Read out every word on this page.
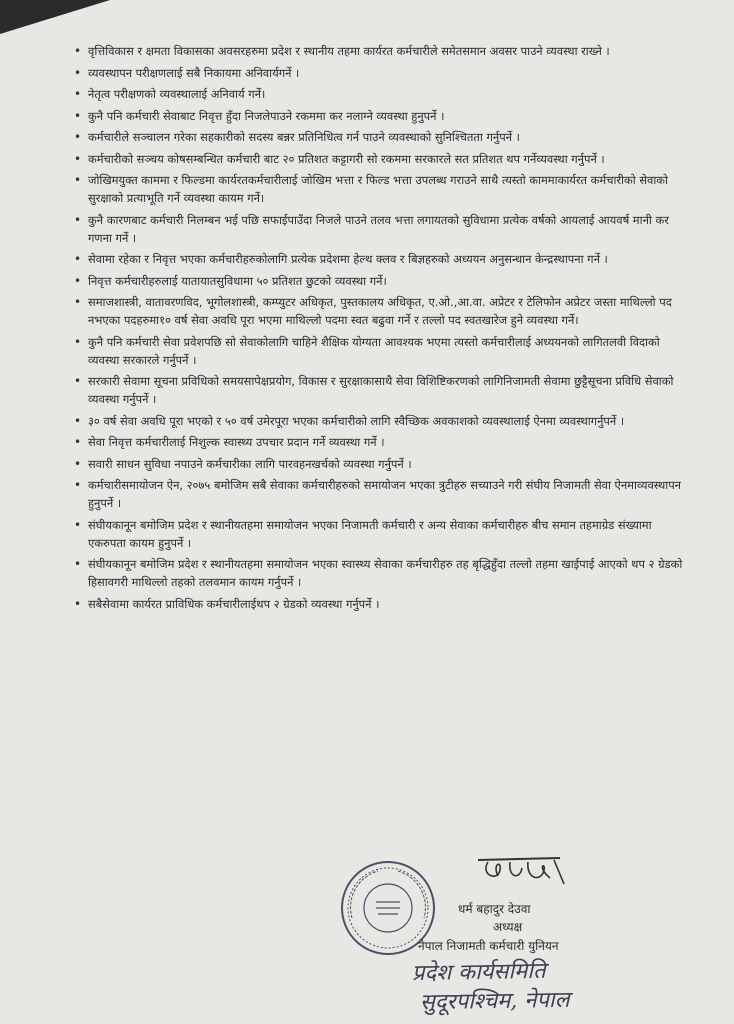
• वृत्तिविकास र क्षमता विकासका अवसरहरुमा प्रदेश र स्थानीय तहमा कार्यरत कर्मचारीले समेतसमान अवसर पाउने व्यवस्था राख्ने ।
• व्यवस्थापन परीक्षणलाई सबै निकायमा अनिवार्यगर्ने ।
• नेतृत्व परीक्षणको व्यवस्थालाई अनिवार्य गर्ने।
• कुनै पनि कर्मचारी सेवाबाट निवृत्त हुँदा निजलेपाउने रकममा कर नलाग्ने व्यवस्था हुनुपर्ने ।
• कर्मचारीले सञ्चालन गरेका सहकारीको सदस्य बन्नर प्रतिनिधित्व गर्न पाउने व्यवस्थाको सुनिश्चितता गर्नुपर्ने ।
• कर्मचारीको सञ्चय कोषसम्बन्धित कर्मचारी बाट २० प्रतिशत कट्टागरी सो रकममा सरकारले सत प्रतिशत थप गर्नेव्यवस्था गर्नुपर्ने ।
• जोखिमयुक्त काममा र फिल्डमा कार्यरतकर्मचारीलाई जोखिम भत्ता र फिल्ड भत्ता उपलब्ध गराउने साथै त्यस्तो काममाकार्यरत कर्मचारीको सेवाको सुरक्षाको प्रत्याभूति गर्ने व्यवस्था कायम गर्ने।
• कुनै कारणबाट कर्मचारी निलम्बन भई पछि सफाईपाउँदा निजले पाउने तलव भत्ता लगायतको सुविधामा प्रत्येक वर्षको आयलाई आयवर्ष मानी कर गणना गर्ने ।
• सेवामा रहेका र निवृत्त भएका कर्मचारीहरुकोलागि प्रत्येक प्रदेशमा हेल्थ क्लव र बिज्ञहरुको अध्ययन अनुसन्धान केन्द्रस्थापना गर्ने ।
• निवृत्त कर्मचारीहरुलाई यातायातसुविधामा ५० प्रतिशत छुटको व्यवस्था गर्ने।
• समाजशास्त्री, वातावरणविद, भूगोलशास्त्री, कम्प्युटर अधिकृत, पुस्तकालय अधिकृत, ए.ओ.,आ.वा. अप्रेटर र टेलिफोन अप्रेटर जस्ता माथिल्लो पद नभएका पदहरुमा१० वर्ष सेवा अवधि पूरा भएमा माथिल्लो पदमा स्वत बढुवा गर्ने र तल्लो पद स्वतखारेज हुने व्यवस्था गर्ने।
• कुनै पनि कर्मचारी सेवा प्रवेशपछि सो सेवाकोलागि चाहिने शैक्षिक योग्यता आवश्यक भएमा त्यस्तो कर्मचारीलाई अध्ययनको लागितलवी विदाको व्यवस्था सरकारले गर्नुपर्ने ।
• सरकारी सेवामा सूचना प्रविधिको समयसापेक्षप्रयोग, विकास र सुरक्षाकासाथै सेवा विशिष्टिकरणको लागिनिजामती सेवामा छुट्टैसूचना प्रविधि सेवाको व्यवस्था गर्नुपर्ने ।
• ३० वर्ष सेवा अवधि पूरा भएको र ५० वर्ष उमेरपूरा भएका कर्मचारीको लागि स्वैच्छिक अवकाशको व्यवस्थालाई ऐनमा व्यवस्थागर्नुपर्ने ।
• सेवा निवृत्त कर्मचारीलाई निशुल्क स्वास्थ्य उपचार प्रदान गर्ने व्यवस्था गर्ने ।
• सवारी साधन सुविधा नपाउने कर्मचारीका लागि पारवहनखर्चको व्यवस्था गर्नुपर्ने ।
• कर्मचारीसमायोजन ऐन, २०७५ बमोजिम सबै सेवाका कर्मचारीहरुको समायोजन भएका त्रुटीहरु सच्याउने गरी संघीय निजामती सेवा ऐनमाव्यवस्थापन हुनुपर्ने ।
• संघीयकानून बमोजिम प्रदेश र स्थानीयतहमा समायोजन भएका निजामती कर्मचारी र अन्य सेवाका कर्मचारीहरु बीच समान तहमाग्रेड संख्यामा एकरुपता कायम हुनुपर्ने ।
• संघीयकानून बमोजिम प्रदेश र स्थानीयतहमा समायोजन भएका स्वास्थ्य सेवाका कर्मचारीहरु तह बृद्धिहुँदा तल्लो तहमा खाईपाई आएको थप २ ग्रेडको हिसावगरी माथिल्लो तहको तलवमान कायम गर्नुपर्ने ।
• सबैसेवामा कार्यरत प्राविधिक कर्मचारीलाईथप २ ग्रेडको व्यवस्था गर्नुपर्ने ।
धर्म बहादुर देउवा
अध्यक्ष
नेपाल निजामती कर्मचारी युनियन
प्रदेश कार्यसमिति
सुदूरपश्चिम, नेपाल
